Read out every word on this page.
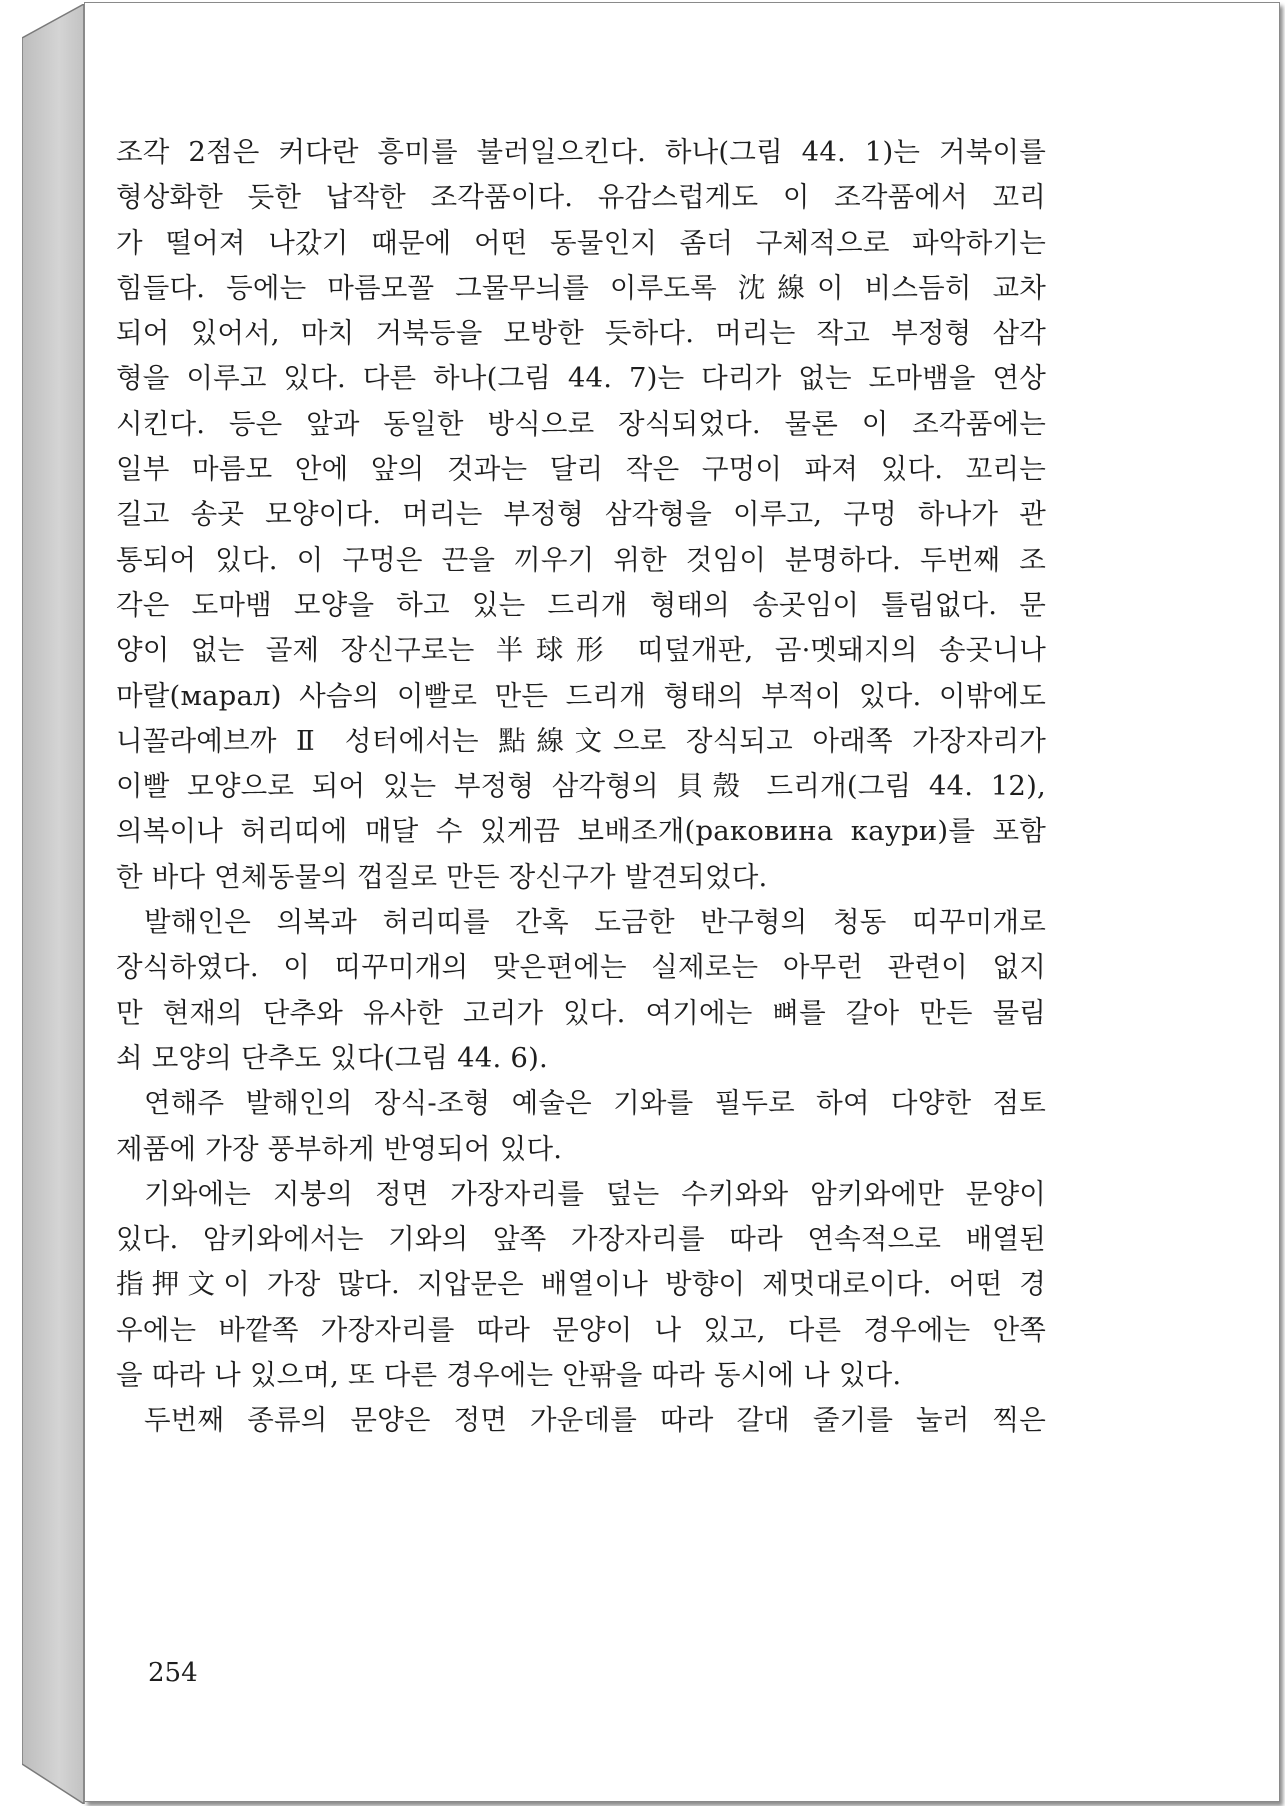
조각 2점은 커다란 흥미를 불러일으킨다. 하나(그림 44. 1)는 거북이를
형상화한 듯한 납작한 조각품이다. 유감스럽게도 이 조각품에서 꼬리
가 떨어져 나갔기 때문에 어떤 동물인지 좀더 구체적으로 파악하기는
힘들다. 등에는 마름모꼴 그물무늬를 이루도록 沈線이 비스듬히 교차
되어 있어서, 마치 거북등을 모방한 듯하다. 머리는 작고 부정형 삼각
형을 이루고 있다. 다른 하나(그림 44. 7)는 다리가 없는 도마뱀을 연상
시킨다. 등은 앞과 동일한 방식으로 장식되었다. 물론 이 조각품에는
일부 마름모 안에 앞의 것과는 달리 작은 구멍이 파져 있다. 꼬리는
길고 송곳 모양이다. 머리는 부정형 삼각형을 이루고, 구멍 하나가 관
통되어 있다. 이 구멍은 끈을 끼우기 위한 것임이 분명하다. 두번째 조
각은 도마뱀 모양을 하고 있는 드리개 형태의 송곳임이 틀림없다. 문
양이 없는 골제 장신구로는 半球形 띠덮개판, 곰·멧돼지의 송곳니나
마랄(марал) 사슴의 이빨로 만든 드리개 형태의 부적이 있다. 이밖에도
니꼴라예브까 Ⅱ 성터에서는 點線文으로 장식되고 아래쪽 가장자리가
이빨 모양으로 되어 있는 부정형 삼각형의 貝殼 드리개(그림 44. 12),
의복이나 허리띠에 매달 수 있게끔 보배조개(раковина каури)를 포함
한 바다 연체동물의 껍질로 만든 장신구가 발견되었다.
발해인은 의복과 허리띠를 간혹 도금한 반구형의 청동 띠꾸미개로
장식하였다. 이 띠꾸미개의 맞은편에는 실제로는 아무런 관련이 없지
만 현재의 단추와 유사한 고리가 있다. 여기에는 뼈를 갈아 만든 물림
쇠 모양의 단추도 있다(그림 44. 6).
연해주 발해인의 장식-조형 예술은 기와를 필두로 하여 다양한 점토
제품에 가장 풍부하게 반영되어 있다.
기와에는 지붕의 정면 가장자리를 덮는 수키와와 암키와에만 문양이
있다. 암키와에서는 기와의 앞쪽 가장자리를 따라 연속적으로 배열된
指押文이 가장 많다. 지압문은 배열이나 방향이 제멋대로이다. 어떤 경
우에는 바깥쪽 가장자리를 따라 문양이 나 있고, 다른 경우에는 안쪽
을 따라 나 있으며, 또 다른 경우에는 안팎을 따라 동시에 나 있다.
두번째 종류의 문양은 정면 가운데를 따라 갈대 줄기를 눌러 찍은
254
